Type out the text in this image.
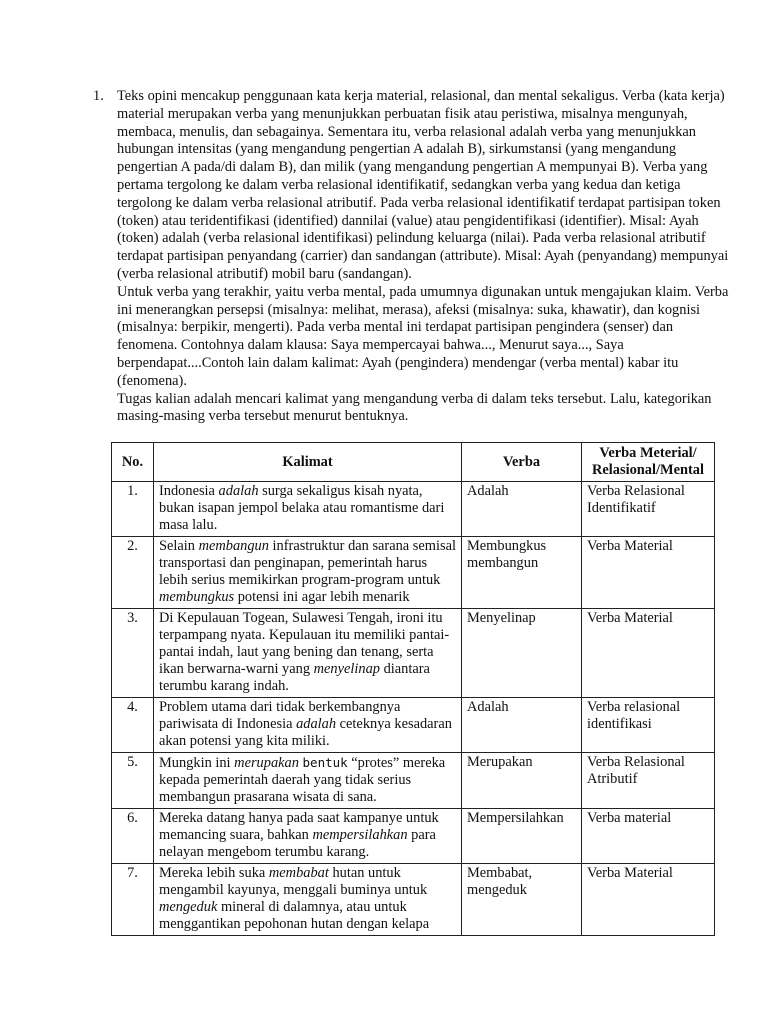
1. Teks opini mencakup penggunaan kata kerja material, relasional, dan mental sekaligus. Verba (kata kerja) material merupakan verba yang menunjukkan perbuatan fisik atau peristiwa, misalnya mengunyah, membaca, menulis, dan sebagainya. Sementara itu, verba relasional adalah verba yang menunjukkan hubungan intensitas (yang mengandung pengertian A adalah B), sirkumstansi (yang mengandung pengertian A pada/di dalam B), dan milik (yang mengandung pengertian A mempunyai B). Verba yang pertama tergolong ke dalam verba relasional identifikatif, sedangkan verba yang kedua dan ketiga tergolong ke dalam verba relasional atributif. Pada verba relasional identifikatif terdapat partisipan token (token) atau teridentifikasi (identified) dannilai (value) atau pengidentifikasi (identifier). Misal: Ayah (token) adalah (verba relasional identifikasi) pelindung keluarga (nilai). Pada verba relasional atributif terdapat partisipan penyandang (carrier) dan sandangan (attribute). Misal: Ayah (penyandang) mempunyai (verba relasional atributif) mobil baru (sandangan).

Untuk verba yang terakhir, yaitu verba mental, pada umumnya digunakan untuk mengajukan klaim. Verba ini menerangkan persepsi (misalnya: melihat, merasa), afeksi (misalnya: suka, khawatir), dan kognisi (misalnya: berpikir, mengerti). Pada verba mental ini terdapat partisipan pengindera (senser) dan fenomena. Contohnya dalam klausa: Saya mempercayai bahwa..., Menurut saya..., Saya berpendapat....Contoh lain dalam kalimat: Ayah (pengindera) mendengar (verba mental) kabar itu (fenomena).

Tugas kalian adalah mencari kalimat yang mengandung verba di dalam teks tersebut. Lalu, kategorikan masing-masing verba tersebut menurut bentuknya.

No.	Kalimat	Verba	Verba Meterial/ Relasional/Mental
1.	Indonesia adalah surga sekaligus kisah nyata, bukan isapan jempol belaka atau romantisme dari masa lalu.	Adalah	Verba Relasional Identifikatif
2.	Selain membangun infrastruktur dan sarana semisal transportasi dan penginapan, pemerintah harus lebih serius memikirkan program-program untuk membungkus potensi ini agar lebih menarik	Membungkus membangun	Verba Material
3.	Di Kepulauan Togean, Sulawesi Tengah, ironi itu terpampang nyata. Kepulauan itu memiliki pantai-pantai indah, laut yang bening dan tenang, serta ikan berwarna-warni yang menyelinap diantara terumbu karang indah.	Menyelinap	Verba Material
4.	Problem utama dari tidak berkembangnya pariwisata di Indonesia adalah ceteknya kesadaran akan potensi yang kita miliki.	Adalah	Verba relasional identifikasi
5.	Mungkin ini merupakan bentuk “protes” mereka kepada pemerintah daerah yang tidak serius membangun prasarana wisata di sana.	Merupakan	Verba Relasional Atributif
6.	Mereka datang hanya pada saat kampanye untuk memancing suara, bahkan mempersilahkan para nelayan mengebom terumbu karang.	Mempersilahkan	Verba material
7.	Mereka lebih suka membabat hutan untuk mengambil kayunya, menggali buminya untuk mengeduk mineral di dalamnya, atau untuk menggantikan pepohonan hutan dengan kelapa	Membabat, mengeduk	Verba Material
